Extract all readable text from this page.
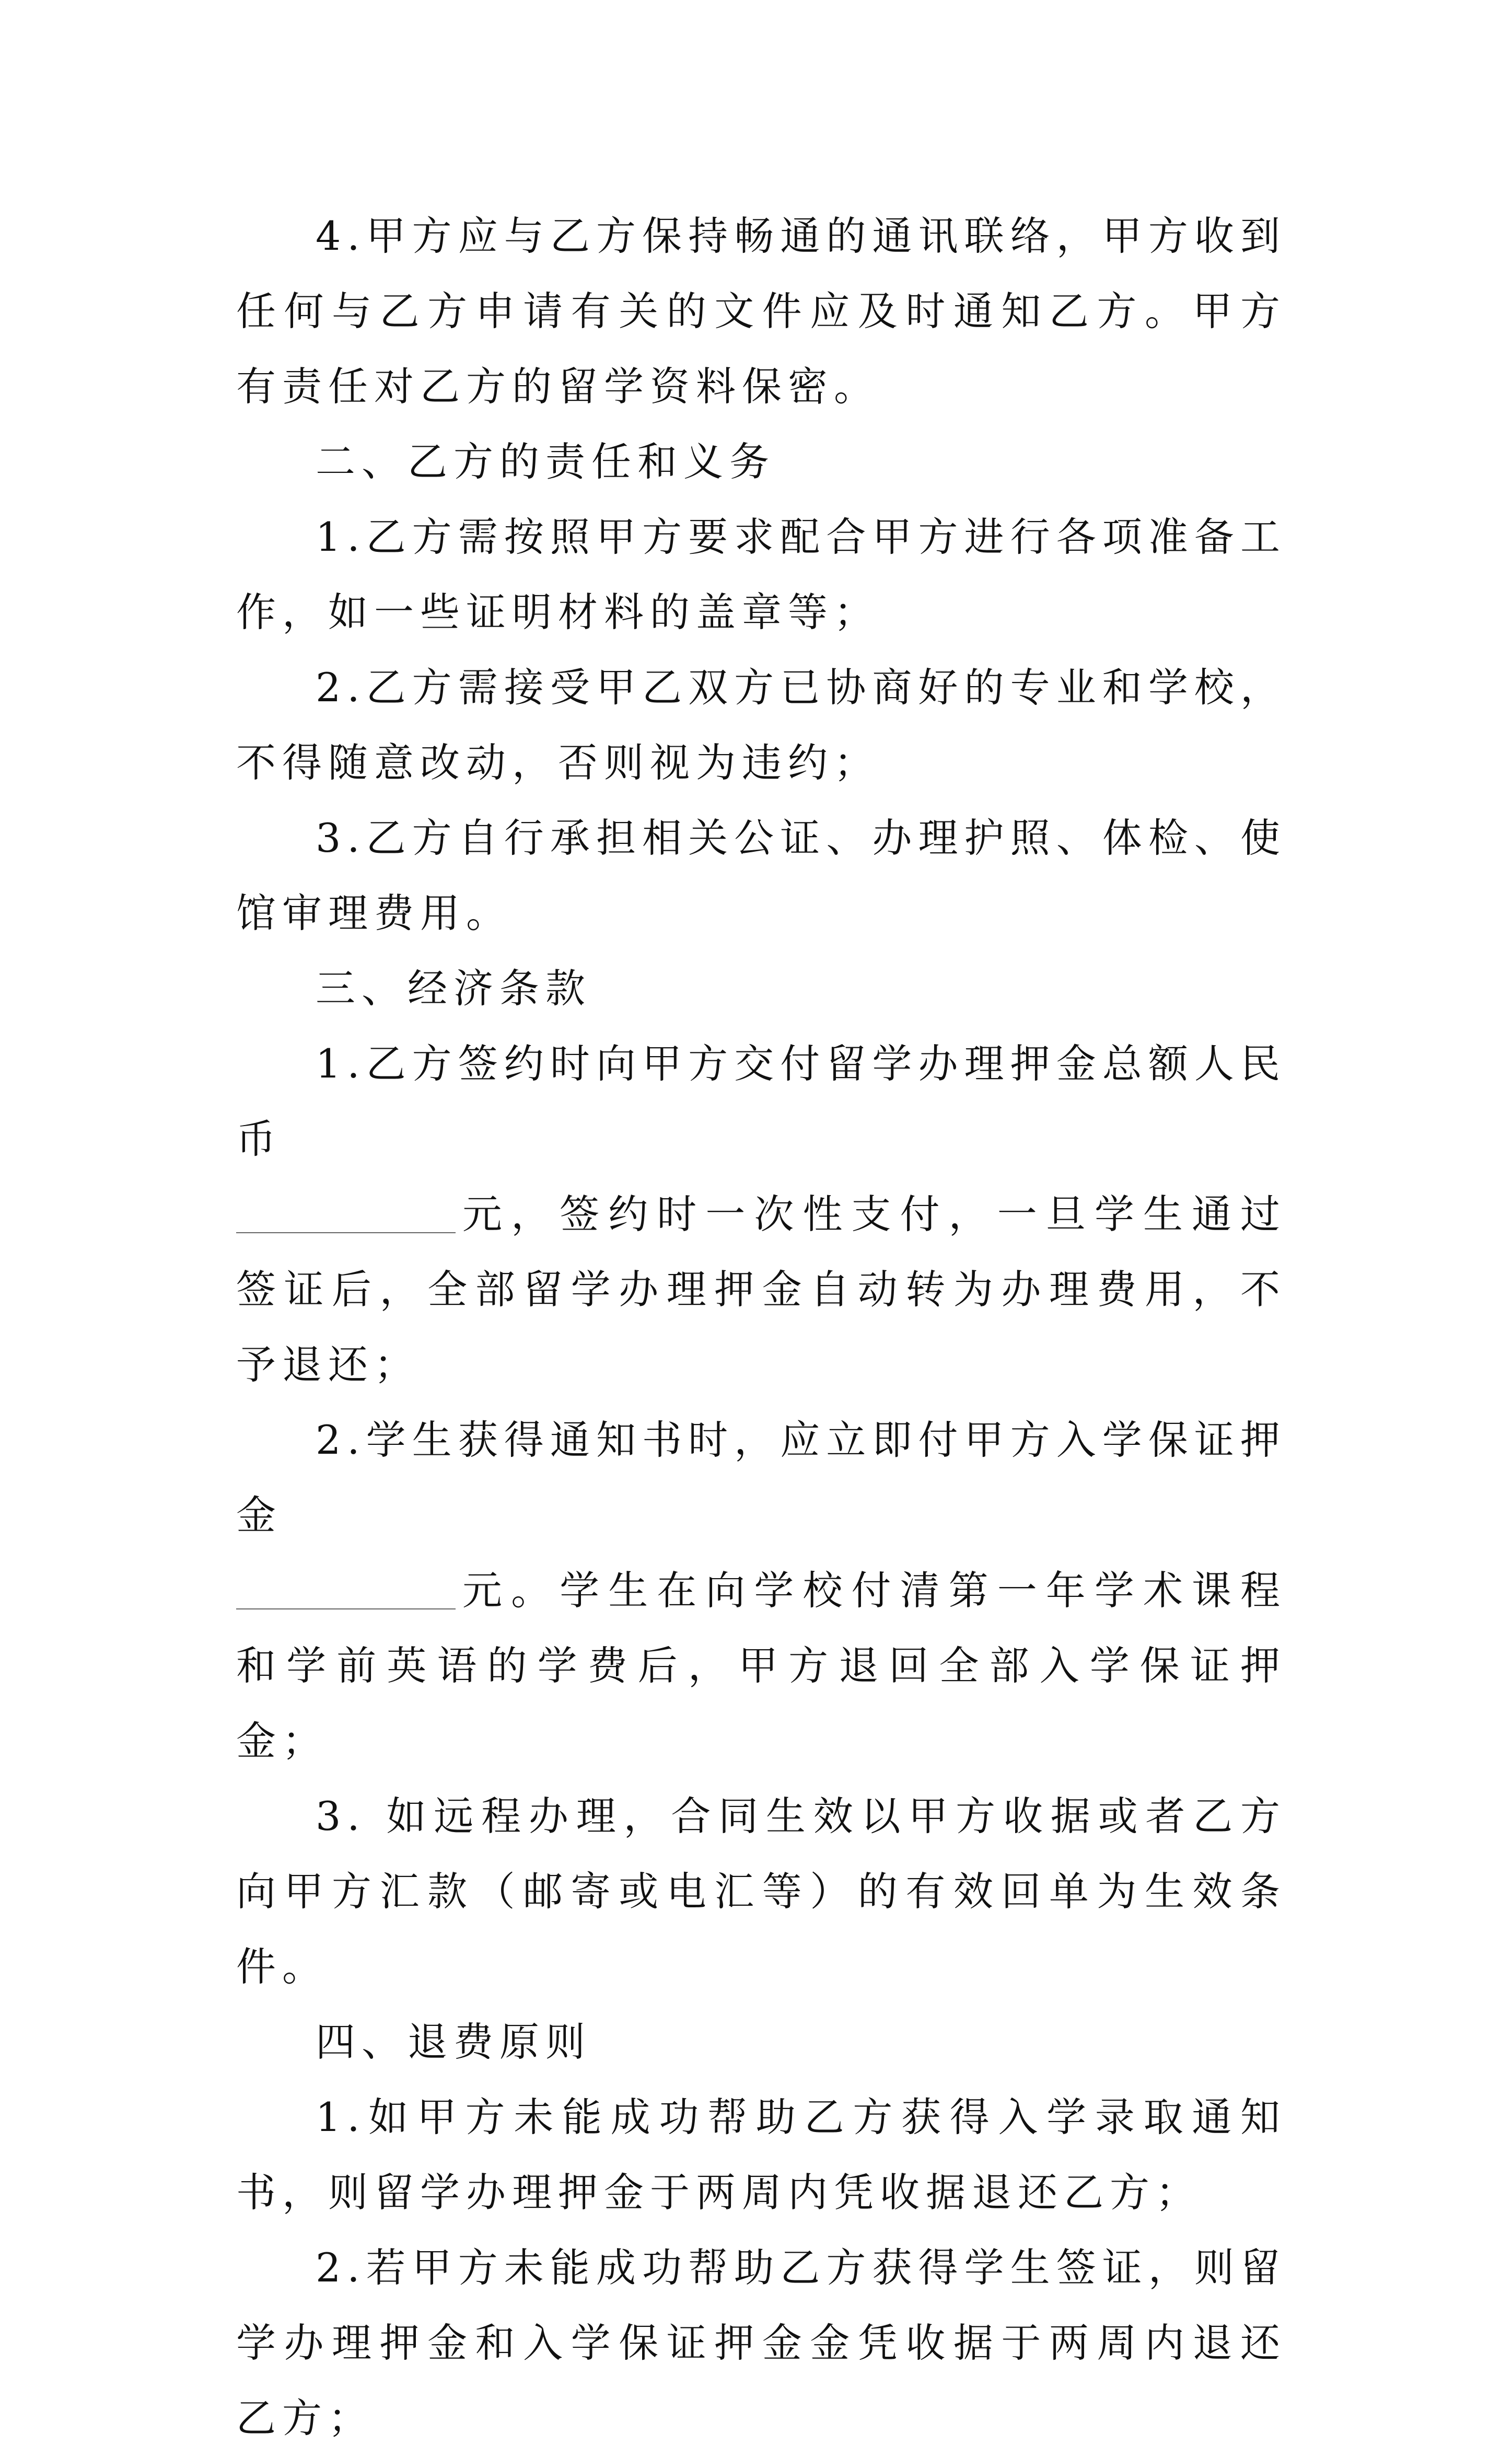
4.甲方应与乙方保持畅通的通讯联络，甲方收到任何与乙方申请有关的文件应及时通知乙方。甲方有责任对乙方的留学资料保密。

二、乙方的责任和义务

1.乙方需按照甲方要求配合甲方进行各项准备工作，如一些证明材料的盖章等；

2.乙方需接受甲乙双方已协商好的专业和学校，不得随意改动，否则视为违约；

3.乙方自行承担相关公证、办理护照、体检、使馆审理费用。

三、经济条款

1.乙方签约时向甲方交付留学办理押金总额人民币

元，签约时一次性支付，一旦学生通过签证后，全部留学办理押金自动转为办理费用，不予退还；

2.学生获得通知书时，应立即付甲方入学保证押金

元。学生在向学校付清第一年学术课程和学前英语的学费后，甲方退回全部入学保证押金；

3. 如远程办理，合同生效以甲方收据或者乙方向甲方汇款（邮寄或电汇等）的有效回单为生效条件。

四、退费原则

1.如甲方未能成功帮助乙方获得入学录取通知书，则留学办理押金于两周内凭收据退还乙方；

2.若甲方未能成功帮助乙方获得学生签证，则留学办理押金和入学保证押金金凭收据于两周内退还乙方；
